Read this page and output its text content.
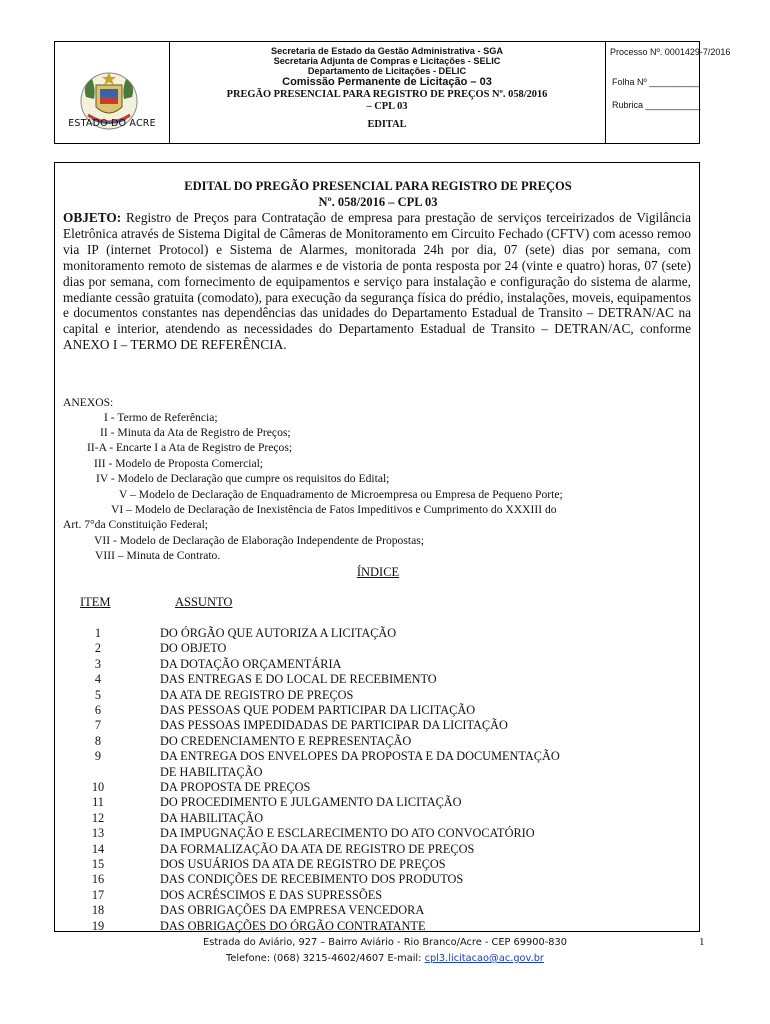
ESTADO DO ACRE
Secretaria de Estado da Gestão Administrativa - SGA
Secretaria Adjunta de Compras e Licitações - SELIC
Departamento de Licitações - DELIC
Comissão Permanente de Licitação – 03
PREGÃO PRESENCIAL PARA REGISTRO DE PREÇOS Nº. 058/2016
– CPL 03
EDITAL
Processo Nº. 0001429-7/2016
Folha Nº __________
Rubrica ___________
EDITAL DO PREGÃO PRESENCIAL PARA REGISTRO DE PREÇOS
Nº. 058/2016 – CPL 03
OBJETO: Registro de Preços para Contratação de empresa para prestação de serviços terceirizados de Vigilância Eletrônica através de Sistema Digital de Câmeras de Monitoramento em Circuito Fechado (CFTV) com acesso remoo via IP (internet Protocol) e Sistema de Alarmes, monitorada 24h por dia, 07 (sete) dias por semana, com monitoramento remoto de sistemas de alarmes e de vistoria de ponta resposta por 24 (vinte e quatro) horas, 07 (sete) dias por semana, com fornecimento de equipamentos e serviço para instalação e configuração do sistema de alarme, mediante cessão gratuita (comodato), para execução da segurança física do prédio, instalações, moveis, equipamentos e documentos constantes nas dependências das unidades do Departamento Estadual de Transito – DETRAN/AC na capital e interior, atendendo as necessidades do Departamento Estadual de Transito – DETRAN/AC, conforme ANEXO I – TERMO DE REFERÊNCIA.
ANEXOS:
I - Termo de Referência;
II - Minuta da Ata de Registro de Preços;
II-A - Encarte I a Ata de Registro de Preços;
III - Modelo de Proposta Comercial;
IV - Modelo de Declaração que cumpre os requisitos do Edital;
V – Modelo de Declaração de Enquadramento de Microempresa ou Empresa de Pequeno Porte;
VI – Modelo de Declaração de Inexistência de Fatos Impeditivos e Cumprimento do XXXIII do
Art. 7°da Constituição Federal;
VII - Modelo de Declaração de Elaboração Independente de Propostas;
VIII – Minuta de Contrato.
ÍNDICE
ITEM	ASSUNTO
1	DO ÓRGÃO QUE AUTORIZA A LICITAÇÃO
2	DO OBJETO
3	DA DOTAÇÃO ORÇAMENTÁRIA
4	DAS ENTREGAS E DO LOCAL DE RECEBIMENTO
5	DA ATA DE REGISTRO DE PREÇOS
6	DAS PESSOAS QUE PODEM PARTICIPAR DA LICITAÇÃO
7	DAS PESSOAS IMPEDIDADAS DE PARTICIPAR DA LICITAÇÃO
8	DO CREDENCIAMENTO E REPRESENTAÇÃO
9	DA ENTREGA DOS ENVELOPES DA PROPOSTA E DA DOCUMENTAÇÃO
DE HABILITAÇÃO
10	DA PROPOSTA DE PREÇOS
11	DO PROCEDIMENTO E JULGAMENTO DA LICITAÇÃO
12	DA HABILITAÇÃO
13	DA IMPUGNAÇÃO E ESCLARECIMENTO DO ATO CONVOCATÓRIO
14	DA FORMALIZAÇÃO DA ATA DE REGISTRO DE PREÇOS
15	DOS USUÁRIOS DA ATA DE REGISTRO DE PREÇOS
16	DAS CONDIÇÕES DE RECEBIMENTO DOS PRODUTOS
17	DOS ACRÉSCIMOS E DAS SUPRESSÕES
18	DAS OBRIGAÇÕES DA EMPRESA VENCEDORA
19	DAS OBRIGAÇÕES DO ÓRGÃO CONTRATANTE
Estrada do Aviário, 927 – Bairro Aviário - Rio Branco/Acre - CEP 69900-830
Telefone: (068) 3215-4602/4607 E-mail: cpl3.licitacao@ac.gov.br
1
